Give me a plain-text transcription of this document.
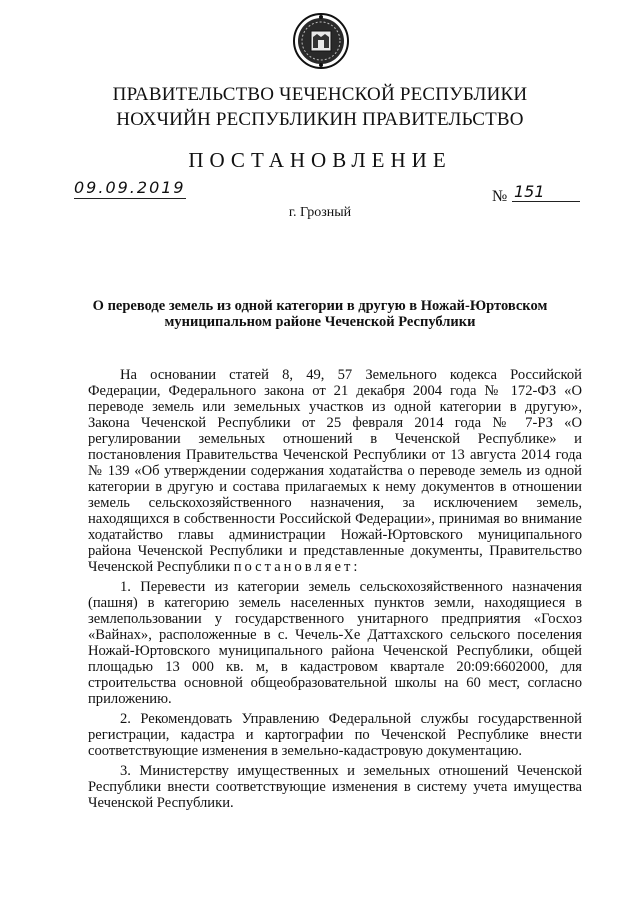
ПРАВИТЕЛЬСТВО ЧЕЧЕНСКОЙ РЕСПУБЛИКИ
НОХЧИЙН РЕСПУБЛИКИН ПРАВИТЕЛЬСТВО
ПОСТАНОВЛЕНИЕ
09.09.2019	№ 151
г. Грозный
О переводе земель из одной категории в другую в Ножай-Юртовском муниципальном районе Чеченской Республики

На основании статей 8, 49, 57 Земельного кодекса Российской Федерации, Федерального закона от 21 декабря 2004 года № 172-ФЗ «О переводе земель или земельных участков из одной категории в другую», Закона Чеченской Республики от 25 февраля 2014 года № 7-РЗ «О регулировании земельных отношений в Чеченской Республике» и постановления Правительства Чеченской Республики от 13 августа 2014 года № 139 «Об утверждении содержания ходатайства о переводе земель из одной категории в другую и состава прилагаемых к нему документов в отношении земель сельскохозяйственного назначения, за исключением земель, находящихся в собственности Российской Федерации», принимая во внимание ходатайство главы администрации Ножай-Юртовского муниципального района Чеченской Республики и представленные документы, Правительство Чеченской Республики постановляет:

1. Перевести из категории земель сельскохозяйственного назначения (пашня) в категорию земель населенных пунктов земли, находящиеся в землепользовании у государственного унитарного предприятия «Госхоз «Вайнах», расположенные в с. Чечель-Хе Даттахского сельского поселения Ножай-Юртовского муниципального района Чеченской Республики, общей площадью 13 000 кв. м, в кадастровом квартале 20:09:6602000, для строительства основной общеобразовательной школы на 60 мест, согласно приложению.

2. Рекомендовать Управлению Федеральной службы государственной регистрации, кадастра и картографии по Чеченской Республике внести соответствующие изменения в земельно-кадастровую документацию.

3. Министерству имущественных и земельных отношений Чеченской Республики внести соответствующие изменения в систему учета имущества Чеченской Республики.
